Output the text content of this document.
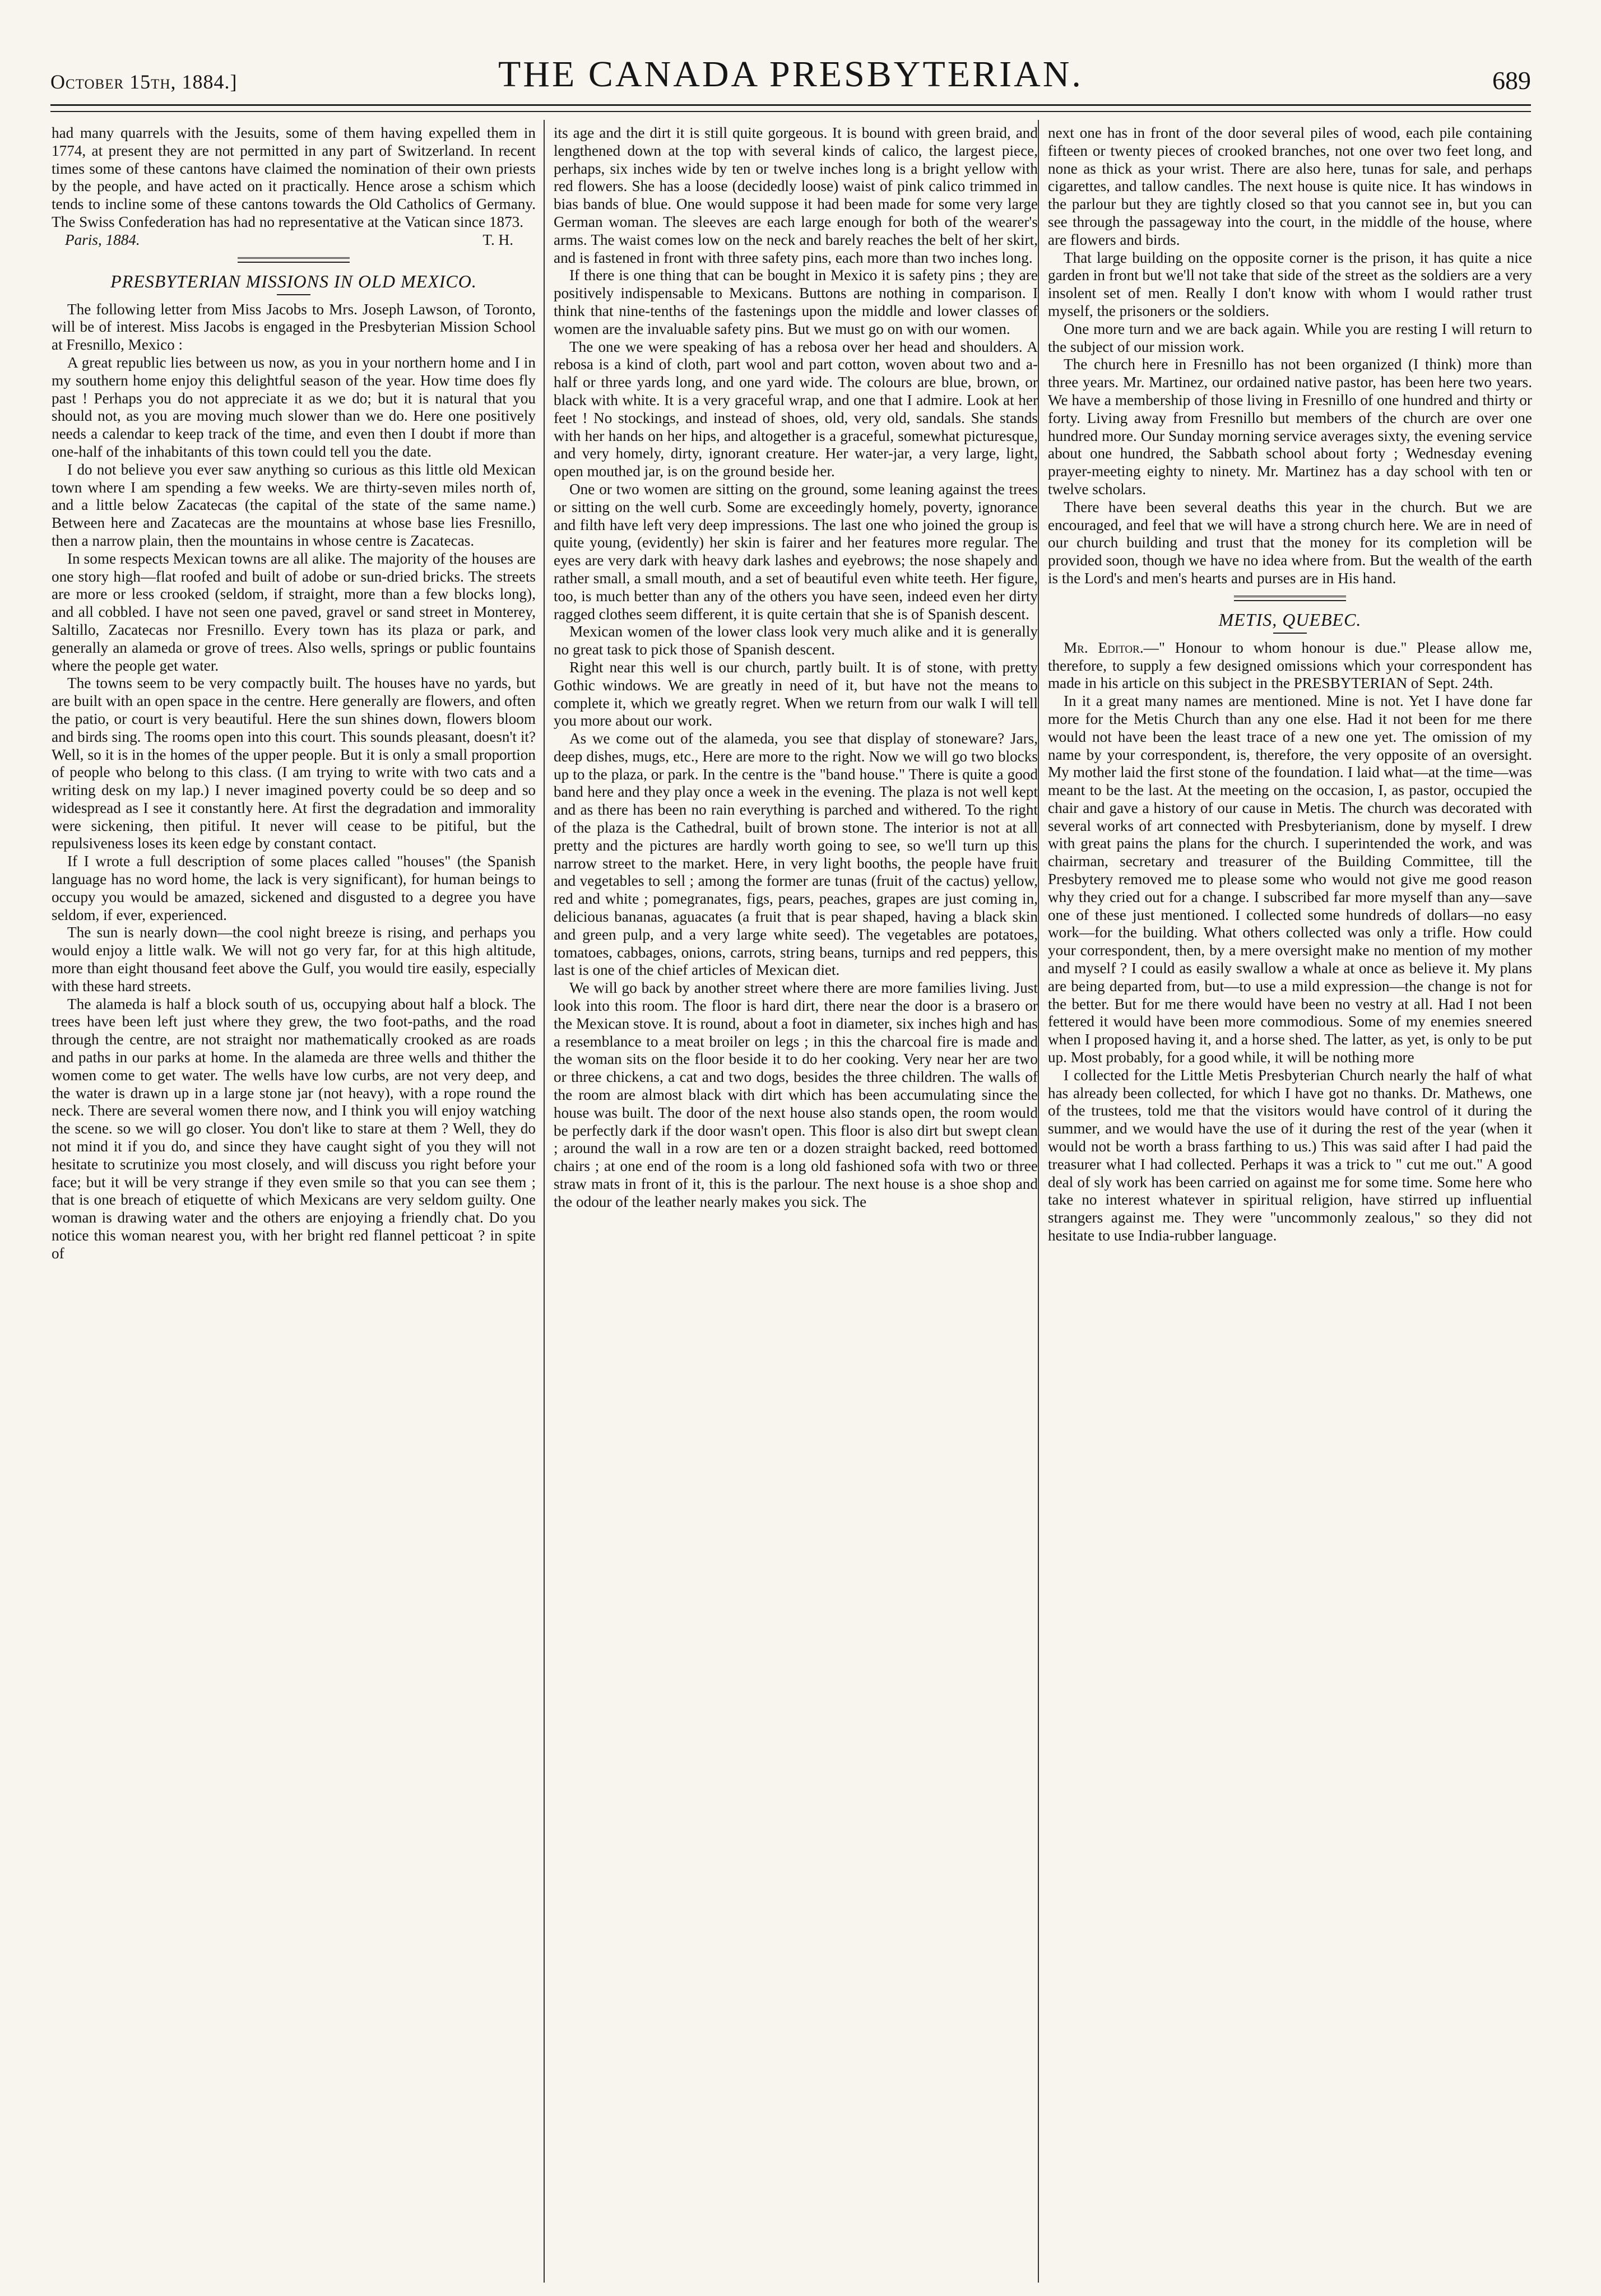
October 15th, 1884.]	THE CANADA PRESBYTERIAN.	689

had many quarrels with the Jesuits, some of them having expelled them in 1774, at present they are not permitted in any part of Switzerland. In recent times some of these cantons have claimed the nomination of their own priests by the people, and have acted on it practically. Hence arose a schism which tends to incline some of these cantons towards the Old Catholics of Germany. The Swiss Confederation has had no representative at the Vatican since 1873.

Paris, 1884.	T. H.
PRESBYTERIAN MISSIONS IN OLD MEXICO.

The following letter from Miss Jacobs to Mrs. Joseph Lawson, of Toronto, will be of interest. Miss Jacobs is engaged in the Presbyterian Mission School at Fresnillo, Mexico :

A great republic lies between us now, as you in your northern home and I in my southern home enjoy this delightful season of the year. How time does fly past ! Perhaps you do not appreciate it as we do; but it is natural that you should not, as you are moving much slower than we do. Here one positively needs a calendar to keep track of the time, and even then I doubt if more than one-half of the inhabitants of this town could tell you the date.

I do not believe you ever saw anything so curious as this little old Mexican town where I am spending a few weeks. We are thirty-seven miles north of, and a little below Zacatecas (the capital of the state of the same name.) Between here and Zacatecas are the mountains at whose base lies Fresnillo, then a narrow plain, then the mountains in whose centre is Zacatecas.

In some respects Mexican towns are all alike. The majority of the houses are one story high—flat roofed and built of adobe or sun-dried bricks. The streets are more or less crooked (seldom, if straight, more than a few blocks long), and all cobbled. I have not seen one paved, gravel or sand street in Monterey, Saltillo, Zacatecas nor Fresnillo. Every town has its plaza or park, and generally an alameda or grove of trees. Also wells, springs or public fountains where the people get water.

The towns seem to be very compactly built. The houses have no yards, but are built with an open space in the centre. Here generally are flowers, and often the patio, or court is very beautiful. Here the sun shines down, flowers bloom and birds sing. The rooms open into this court. This sounds pleasant, doesn't it? Well, so it is in the homes of the upper people. But it is only a small proportion of people who belong to this class. (I am trying to write with two cats and a writing desk on my lap.) I never imagined poverty could be so deep and so widespread as I see it constantly here. At first the degradation and immorality were sickening, then pitiful. It never will cease to be pitiful, but the repulsiveness loses its keen edge by constant contact.

If I wrote a full description of some places called "houses" (the Spanish language has no word home, the lack is very significant), for human beings to occupy you would be amazed, sickened and disgusted to a degree you have seldom, if ever, experienced.

The sun is nearly down—the cool night breeze is rising, and perhaps you would enjoy a little walk. We will not go very far, for at this high altitude, more than eight thousand feet above the Gulf, you would tire easily, especially with these hard streets.

The alameda is half a block south of us, occupying about half a block. The trees have been left just where they grew, the two foot-paths, and the road through the centre, are not straight nor mathematically crooked as are roads and paths in our parks at home. In the alameda are three wells and thither the women come to get water. The wells have low curbs, are not very deep, and the water is drawn up in a large stone jar (not heavy), with a rope round the neck. There are several women there now, and I think you will enjoy watching the scene. so we will go closer. You don't like to stare at them ? Well, they do not mind it if you do, and since they have caught sight of you they will not hesitate to scrutinize you most closely, and will discuss you right before your face; but it will be very strange if they even smile so that you can see them ; that is one breach of etiquette of which Mexicans are very seldom guilty. One woman is drawing water and the others are enjoying a friendly chat. Do you notice this woman nearest you, with her bright red flannel petticoat ? in spite of

its age and the dirt it is still quite gorgeous. It is bound with green braid, and lengthened down at the top with several kinds of calico, the largest piece, perhaps, six inches wide by ten or twelve inches long is a bright yellow with red flowers. She has a loose (decidedly loose) waist of pink calico trimmed in bias bands of blue. One would suppose it had been made for some very large German woman. The sleeves are each large enough for both of the wearer's arms. The waist comes low on the neck and barely reaches the belt of her skirt, and is fastened in front with three safety pins, each more than two inches long.

If there is one thing that can be bought in Mexico it is safety pins ; they are positively indispensable to Mexicans. Buttons are nothing in comparison. I think that nine-tenths of the fastenings upon the middle and lower classes of women are the invaluable safety pins. But we must go on with our women.

The one we were speaking of has a rebosa over her head and shoulders. A rebosa is a kind of cloth, part wool and part cotton, woven about two and a-half or three yards long, and one yard wide. The colours are blue, brown, or black with white. It is a very graceful wrap, and one that I admire. Look at her feet ! No stockings, and instead of shoes, old, very old, sandals. She stands with her hands on her hips, and altogether is a graceful, somewhat picturesque, and very homely, dirty, ignorant creature. Her water-jar, a very large, light, open mouthed jar, is on the ground beside her.

One or two women are sitting on the ground, some leaning against the trees or sitting on the well curb. Some are exceedingly homely, poverty, ignorance and filth have left very deep impressions. The last one who joined the group is quite young, (evidently) her skin is fairer and her features more regular. The eyes are very dark with heavy dark lashes and eyebrows; the nose shapely and rather small, a small mouth, and a set of beautiful even white teeth. Her figure, too, is much better than any of the others you have seen, indeed even her dirty ragged clothes seem different, it is quite certain that she is of Spanish descent.

Mexican women of the lower class look very much alike and it is generally no great task to pick those of Spanish descent.

Right near this well is our church, partly built. It is of stone, with pretty Gothic windows. We are greatly in need of it, but have not the means to complete it, which we greatly regret. When we return from our walk I will tell you more about our work.

As we come out of the alameda, you see that display of stoneware? Jars, deep dishes, mugs, etc., Here are more to the right. Now we will go two blocks up to the plaza, or park. In the centre is the "band house." There is quite a good band here and they play once a week in the evening. The plaza is not well kept and as there has been no rain everything is parched and withered. To the right of the plaza is the Cathedral, built of brown stone. The interior is not at all pretty and the pictures are hardly worth going to see, so we'll turn up this narrow street to the market. Here, in very light booths, the people have fruit and vegetables to sell ; among the former are tunas (fruit of the cactus) yellow, red and white ; pomegranates, figs, pears, peaches, grapes are just coming in, delicious bananas, aguacates (a fruit that is pear shaped, having a black skin and green pulp, and a very large white seed). The vegetables are potatoes, tomatoes, cabbages, onions, carrots, string beans, turnips and red peppers, this last is one of the chief articles of Mexican diet.

We will go back by another street where there are more families living. Just look into this room. The floor is hard dirt, there near the door is a brasero or the Mexican stove. It is round, about a foot in diameter, six inches high and has a resemblance to a meat broiler on legs ; in this the charcoal fire is made and the woman sits on the floor beside it to do her cooking. Very near her are two or three chickens, a cat and two dogs, besides the three children. The walls of the room are almost black with dirt which has been accumulating since the house was built. The door of the next house also stands open, the room would be perfectly dark if the door wasn't open. This floor is also dirt but swept clean ; around the wall in a row are ten or a dozen straight backed, reed bottomed chairs ; at one end of the room is a long old fashioned sofa with two or three straw mats in front of it, this is the parlour. The next house is a shoe shop and the odour of the leather nearly makes you sick. The

next one has in front of the door several piles of wood, each pile containing fifteen or twenty pieces of crooked branches, not one over two feet long, and none as thick as your wrist. There are also here, tunas for sale, and perhaps cigarettes, and tallow candles. The next house is quite nice. It has windows in the parlour but they are tightly closed so that you cannot see in, but you can see through the passageway into the court, in the middle of the house, where are flowers and birds.

That large building on the opposite corner is the prison, it has quite a nice garden in front but we'll not take that side of the street as the soldiers are a very insolent set of men. Really I don't know with whom I would rather trust myself, the prisoners or the soldiers.

One more turn and we are back again. While you are resting I will return to the subject of our mission work.

The church here in Fresnillo has not been organized (I think) more than three years. Mr. Martinez, our ordained native pastor, has been here two years. We have a membership of those living in Fresnillo of one hundred and thirty or forty. Living away from Fresnillo but members of the church are over one hundred more. Our Sunday morning service averages sixty, the evening service about one hundred, the Sabbath school about forty ; Wednesday evening prayer-meeting eighty to ninety. Mr. Martinez has a day school with ten or twelve scholars.

There have been several deaths this year in the church. But we are encouraged, and feel that we will have a strong church here. We are in need of our church building and trust that the money for its completion will be provided soon, though we have no idea where from. But the wealth of the earth is the Lord's and men's hearts and purses are in His hand.

METIS, QUEBEC.

Mr. Editor.—" Honour to whom honour is due." Please allow me, therefore, to supply a few designed omissions which your correspondent has made in his article on this subject in the PRESBYTERIAN of Sept. 24th.

In it a great many names are mentioned. Mine is not. Yet I have done far more for the Metis Church than any one else. Had it not been for me there would not have been the least trace of a new one yet. The omission of my name by your correspondent, is, therefore, the very opposite of an oversight. My mother laid the first stone of the foundation. I laid what—at the time—was meant to be the last. At the meeting on the occasion, I, as pastor, occupied the chair and gave a history of our cause in Metis. The church was decorated with several works of art connected with Presbyterianism, done by myself. I drew with great pains the plans for the church. I superintended the work, and was chairman, secretary and treasurer of the Building Committee, till the Presbytery removed me to please some who would not give me good reason why they cried out for a change. I subscribed far more myself than any—save one of these just mentioned. I collected some hundreds of dollars—no easy work—for the building. What others collected was only a trifle. How could your correspondent, then, by a mere oversight make no mention of my mother and myself ? I could as easily swallow a whale at once as believe it. My plans are being departed from, but—to use a mild expression—the change is not for the better. But for me there would have been no vestry at all. Had I not been fettered it would have been more commodious. Some of my enemies sneered when I proposed having it, and a horse shed. The latter, as yet, is only to be put up. Most probably, for a good while, it will be nothing more

I collected for the Little Metis Presbyterian Church nearly the half of what has already been collected, for which I have got no thanks. Dr. Mathews, one of the trustees, told me that the visitors would have control of it during the summer, and we would have the use of it during the rest of the year (when it would not be worth a brass farthing to us.) This was said after I had paid the treasurer what I had collected. Perhaps it was a trick to " cut me out." A good deal of sly work has been carried on against me for some time. Some here who take no interest whatever in spiritual religion, have stirred up influential strangers against me. They were "uncommonly zealous," so they did not hesitate to use India-rubber language.
